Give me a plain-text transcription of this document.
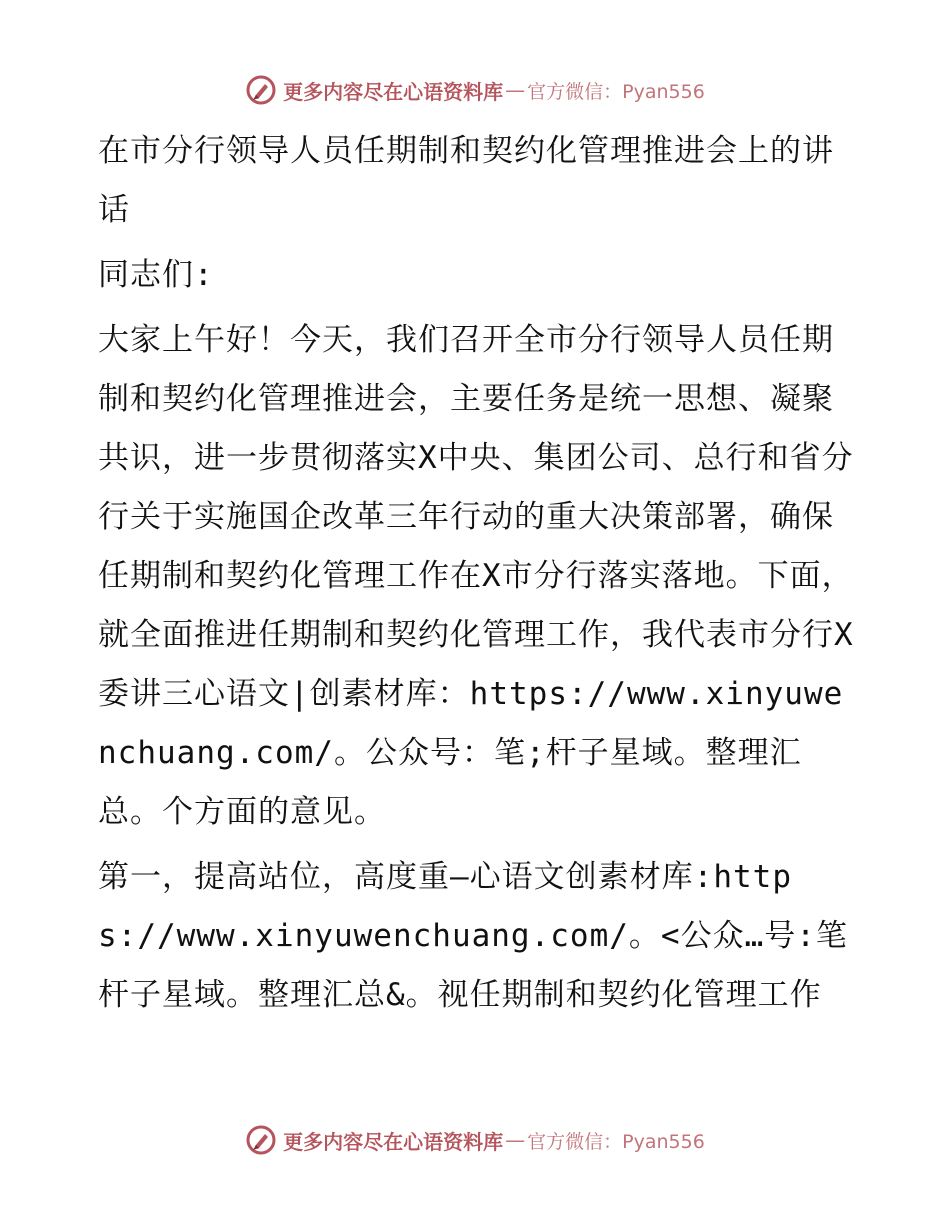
更多内容尽在心语资料库 — 官方微信：Pyan556

在市分行领导人员任期制和契约化管理推进会上的讲话

同志们:

大家上午好！今天，我们召开全市分行领导人员任期制和契约化管理推进会，主要任务是统一思想、凝聚共识，进一步贯彻落实X中央、集团公司、总行和省分行关于实施国企改革三年行动的重大决策部署，确保任期制和契约化管理工作在X市分行落实落地。下面，就全面推进任期制和契约化管理工作，我代表市分行X委讲三心语文|创素材库：https://www.xinyuwenchuang.com/。公众号：笔;杆子星域。整理汇总。个方面的意见。

第一，提高站位，高度重—心语文创素材库:https://www.xinyuwenchuang.com/。<公众…号:笔杆子星域。整理汇总&。视任期制和契约化管理工作

更多内容尽在心语资料库 — 官方微信：Pyan556
